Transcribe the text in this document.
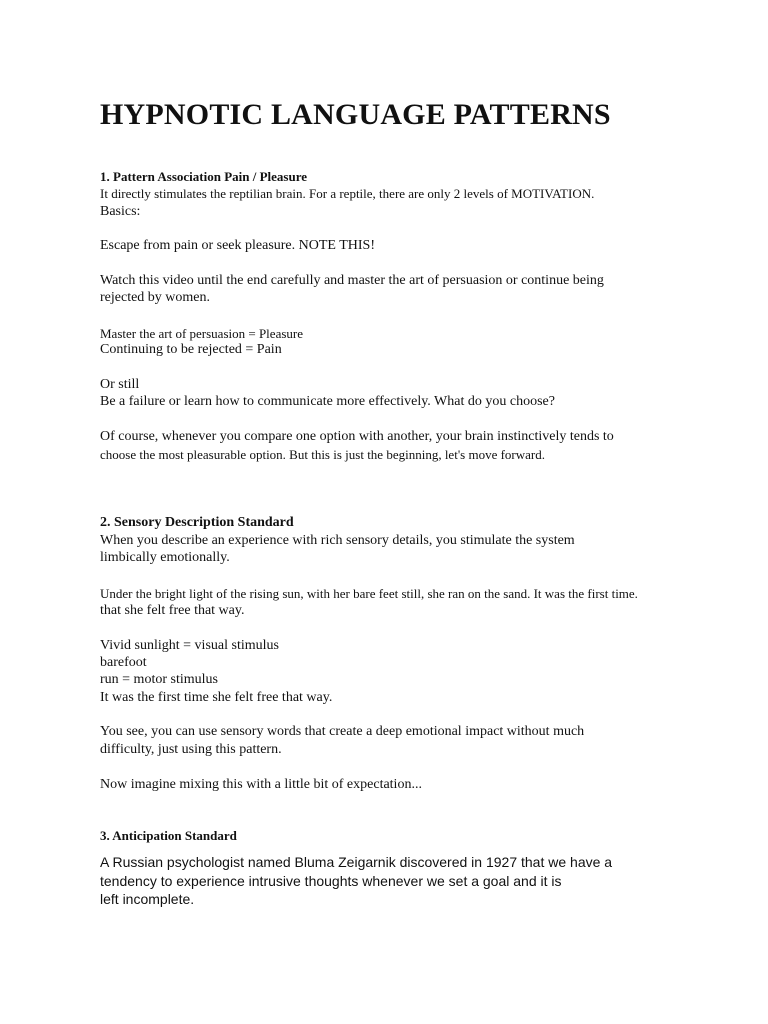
HYPNOTIC LANGUAGE PATTERNS
1. Pattern Association Pain / Pleasure
It directly stimulates the reptilian brain. For a reptile, there are only 2 levels of MOTIVATION.
Basics:
Escape from pain or seek pleasure. NOTE THIS!
Watch this video until the end carefully and master the art of persuasion or continue being
rejected by women.
Master the art of persuasion = Pleasure
Continuing to be rejected = Pain
Or still
Be a failure or learn how to communicate more effectively. What do you choose?
Of course, whenever you compare one option with another, your brain instinctively tends to
choose the most pleasurable option. But this is just the beginning, let's move forward.
2. Sensory Description Standard
When you describe an experience with rich sensory details, you stimulate the system
limbically emotionally.
Under the bright light of the rising sun, with her bare feet still, she ran on the sand. It was the first time.
that she felt free that way.
Vivid sunlight = visual stimulus
barefoot
run = motor stimulus
It was the first time she felt free that way.
You see, you can use sensory words that create a deep emotional impact without much
difficulty, just using this pattern.
Now imagine mixing this with a little bit of expectation...
3. Anticipation Standard
A Russian psychologist named Bluma Zeigarnik discovered in 1927 that we have a
tendency to experience intrusive thoughts whenever we set a goal and it is
left incomplete.
